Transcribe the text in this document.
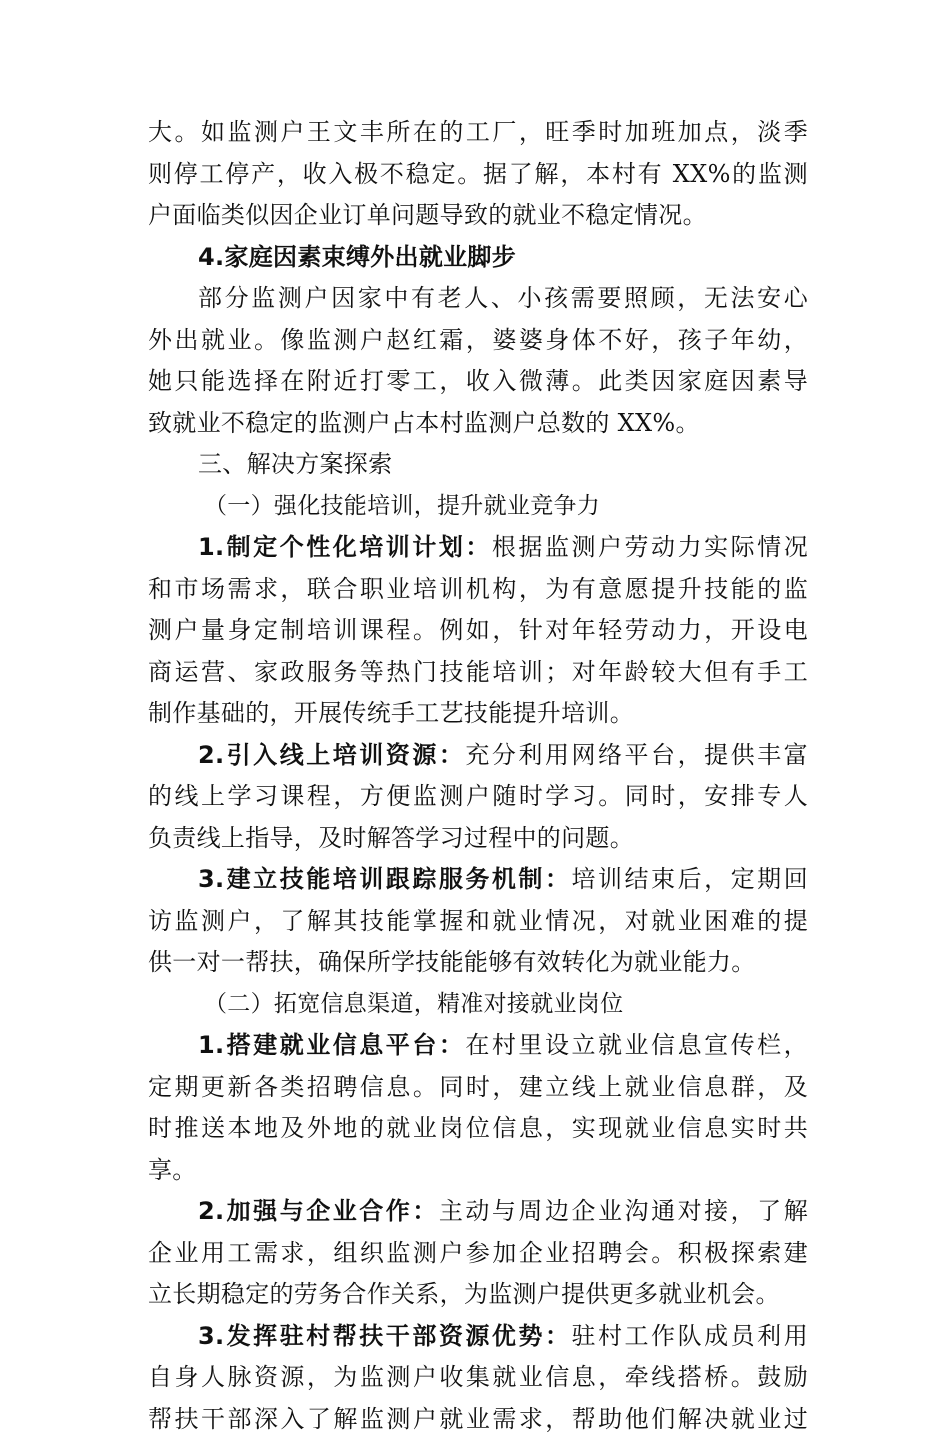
大。如监测户王文丰所在的工厂，旺季时加班加点，淡季
则停工停产，收入极不稳定。据了解，本村有 XX%的监测
户面临类似因企业订单问题导致的就业不稳定情况。
4.家庭因素束缚外出就业脚步
部分监测户因家中有老人、小孩需要照顾，无法安心
外出就业。像监测户赵红霜，婆婆身体不好，孩子年幼，
她只能选择在附近打零工，收入微薄。此类因家庭因素导
致就业不稳定的监测户占本村监测户总数的 XX%。
三、解决方案探索
（一）强化技能培训，提升就业竞争力
1.制定个性化培训计划：根据监测户劳动力实际情况
和市场需求，联合职业培训机构，为有意愿提升技能的监
测户量身定制培训课程。例如，针对年轻劳动力，开设电
商运营、家政服务等热门技能培训；对年龄较大但有手工
制作基础的，开展传统手工艺技能提升培训。
2.引入线上培训资源：充分利用网络平台，提供丰富
的线上学习课程，方便监测户随时学习。同时，安排专人
负责线上指导，及时解答学习过程中的问题。
3.建立技能培训跟踪服务机制：培训结束后，定期回
访监测户，了解其技能掌握和就业情况，对就业困难的提
供一对一帮扶，确保所学技能能够有效转化为就业能力。
（二）拓宽信息渠道，精准对接就业岗位
1.搭建就业信息平台：在村里设立就业信息宣传栏，
定期更新各类招聘信息。同时，建立线上就业信息群，及
时推送本地及外地的就业岗位信息，实现就业信息实时共
享。
2.加强与企业合作：主动与周边企业沟通对接，了解
企业用工需求，组织监测户参加企业招聘会。积极探索建
立长期稳定的劳务合作关系，为监测户提供更多就业机会。
3.发挥驻村帮扶干部资源优势：驻村工作队成员利用
自身人脉资源，为监测户收集就业信息，牵线搭桥。鼓励
帮扶干部深入了解监测户就业需求，帮助他们解决就业过
